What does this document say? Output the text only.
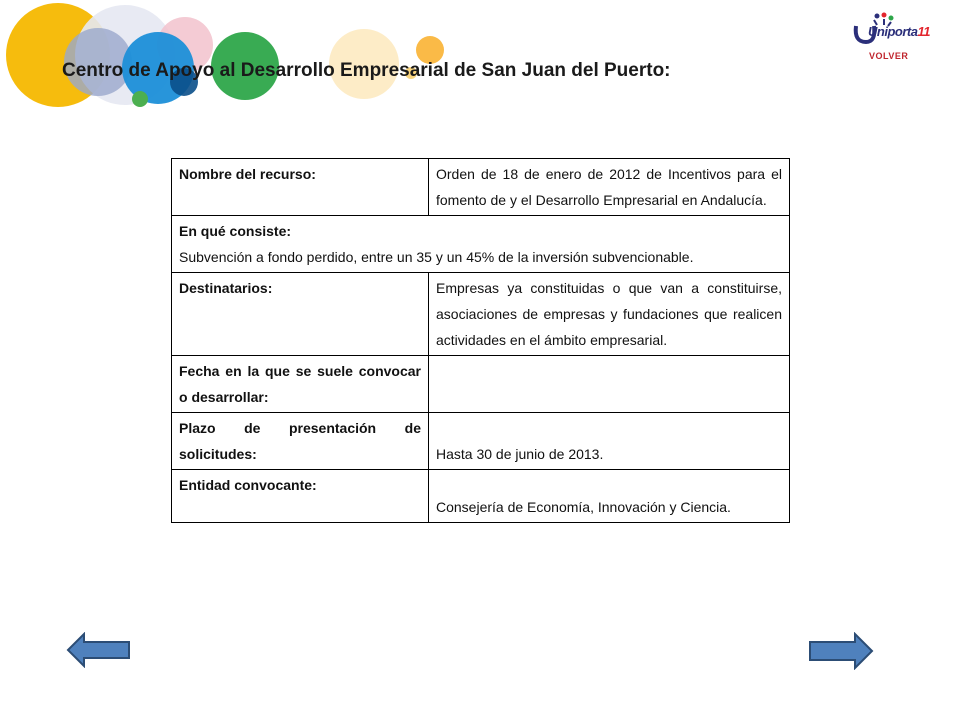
Centro de Apoyo al Desarrollo Empresarial de San Juan del Puerto:
Uniporta11
VOLVER
Nombre del recurso:	Orden de 18 de enero de 2012 de Incentivos para el fomento de y el Desarrollo Empresarial en Andalucía.

En qué consiste:
Subvención a fondo perdido, entre un 35 y un 45% de la inversión subvencionable.	
Destinatarios:	Empresas ya constituidas o que van a constituirse, asociaciones de empresas y fundaciones que realicen actividades en el ámbito empresarial.
Fecha en la que se suele convocar o desarrollar:	
Plazo de presentación de solicitudes:	Hasta 30 de junio de 2013.
Entidad convocante:	Consejería de Economía, Innovación y Ciencia.
